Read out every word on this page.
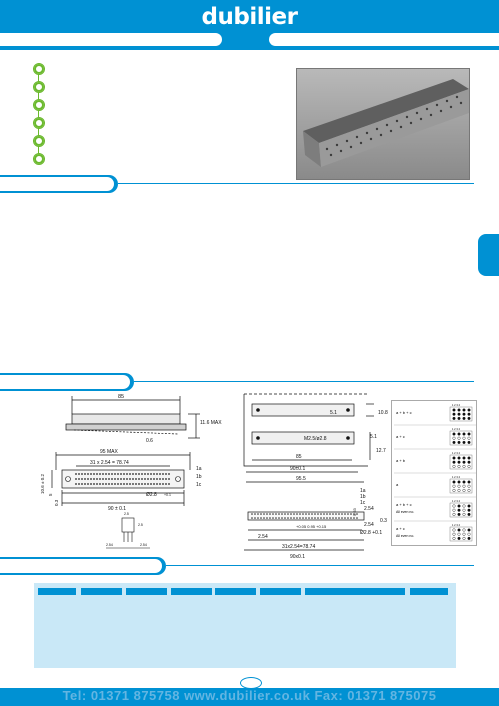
dubilier
85
11.6 MAX
0.6
95 MAX
31 x 2.54 = 78.74
1a
1b
1c
Ø2.8 +0.1
90 ± 0.1
10.6 ± 0.2
5
0.3
2.5
2.5
2.54	2.54
5.1	10.8
5.1
12.7
M2.5/ø2.8
85
90±0.1
95.5
1a
1b
1c
2.54
2.54
0.3
2.54
+0.05 0.95 +0.15
Ø2.8 +0.1
31x2.54=78.74
90x0.1
5.63
a + b + c
1 2 3 4
a + c
1 2 3 4
a + b
1 2 3 4
a
1 2 3 4
a + b + c
All even no.
1 2 3 4
a + c
All even no.
1 2 3 4
Tel: 01371 875758 www.dubilier.co.uk Fax: 01371 875075
